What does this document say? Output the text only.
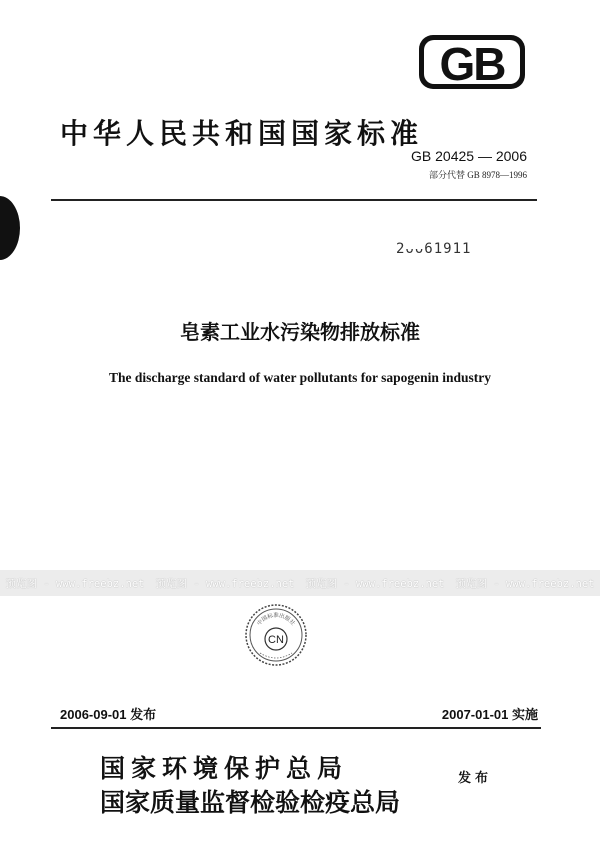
GB
中华人民共和国国家标准
GB 20425 — 2006
部分代替 GB 8978—1996
2ᴗᴗ61911
皂素工业水污染物排放标准
The discharge standard of water pollutants for sapogenin industry
预览图 - www.freebz.net 预览图 - www.freebz.net 预览图 - www.freebz.net 预览图 - www.freebz.net
中国标准出版社
CN
2006-09-01 发布	2007-01-01 实施
国家环境保护总局
国家质量监督检验检疫总局
发布
